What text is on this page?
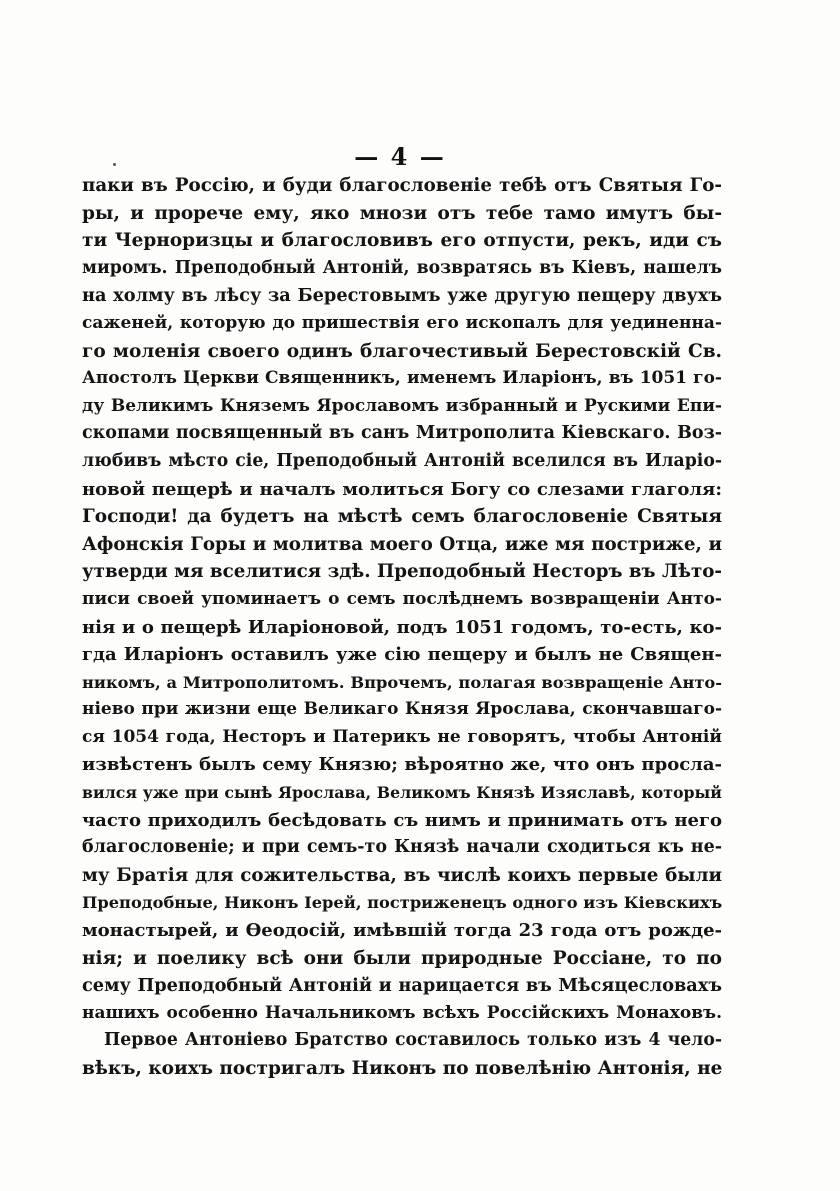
— 4 —
паки въ Россію, и буди благословеніе тебѣ отъ Святыя Го-
ры, и прорече ему, яко мнози отъ тебе тамо имутъ бы-
ти Черноризцы и благословивъ его отпусти, рекъ, иди съ
миромъ. Преподобный Антоній, возвратясь въ Кіевъ, нашелъ
на холму въ лѣсу за Берестовымъ уже другую пещеру двухъ
саженей, которую до пришествія его ископалъ для уединенна-
го моленія своего одинъ благочестивый Берестовскій Св.
Апостолъ Церкви Священникъ, именемъ Иларіонъ, въ 1051 го-
ду Великимъ Княземъ Ярославомъ избранный и Рускими Епи-
скопами посвященный въ санъ Митрополита Кіевскаго. Воз-
любивъ мѣсто сіе, Преподобный Антоній вселился въ Иларіо-
новой пещерѣ и началъ молиться Богу со слезами глаголя:
Господи! да будетъ на мѣстѣ семъ благословеніе Святыя
Афонскія Горы и молитва моего Отца, иже мя постриже, и
утверди мя вселитися здѣ. Преподобный Несторъ въ Лѣто-
писи своей упоминаетъ о семъ послѣднемъ возвращеніи Анто-
нія и о пещерѣ Иларіоновой, подъ 1051 годомъ, то-есть, ко-
гда Иларіонъ оставилъ уже сію пещеру и былъ не Священ-
никомъ, а Митрополитомъ. Впрочемъ, полагая возвращеніе Анто-
ніево при жизни еще Великаго Князя Ярослава, скончавшаго-
ся 1054 года, Несторъ и Патерикъ не говорятъ, чтобы Антоній
извѣстенъ былъ сему Князю; вѣроятно же, что онъ просла-
вился уже при сынѣ Ярослава, Великомъ Князѣ Изяславѣ, который
часто приходилъ бесѣдовать съ нимъ и принимать отъ него
благословеніе; и при семъ-то Князѣ начали сходиться къ не-
му Братія для сожительства, въ числѣ коихъ первые были
Преподобные, Никонъ Іерей, постриженецъ одного изъ Кіевскихъ
монастырей, и Ѳеодосій, имѣвшій тогда 23 года отъ рожде-
нія; и поелику всѣ они были природные Россіане, то по
сему Преподобный Антоній и нарицается въ Мѣсяцесловахъ
нашихъ особенно Начальникомъ всѣхъ Россійскихъ Монаховъ.
Первое Антоніево Братство составилось только изъ 4 чело-
вѣкъ, коихъ постригалъ Никонъ по повелѣнію Антонія, не
